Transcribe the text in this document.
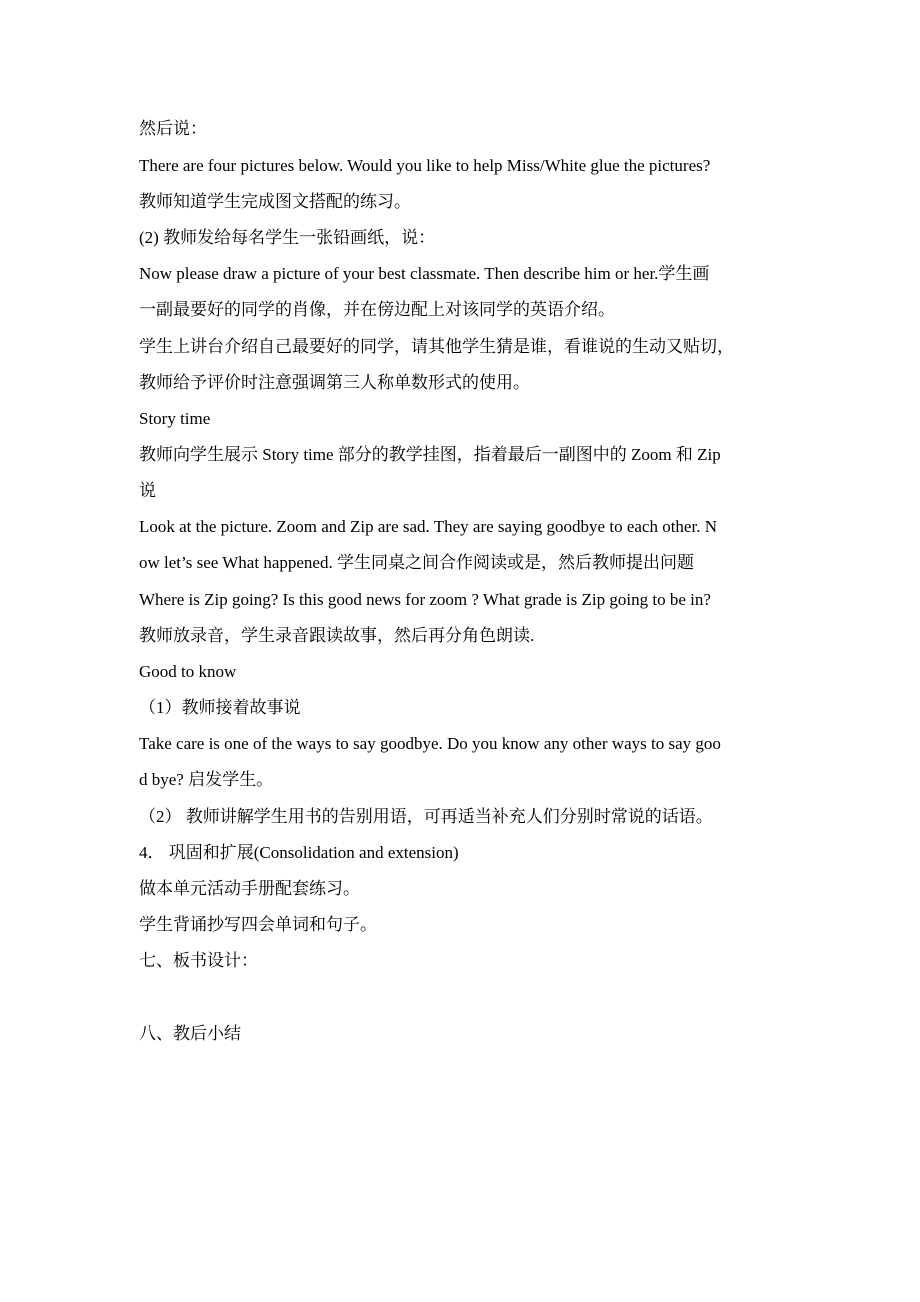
然后说：
There are four pictures below. Would you like to help Miss/White glue the pictures?
教师知道学生完成图文搭配的练习。
(2) 教师发给每名学生一张铅画纸，说：
Now please draw a picture of your best classmate. Then describe him or her.学生画
一副最要好的同学的肖像，并在傍边配上对该同学的英语介绍。
学生上讲台介绍自己最要好的同学，请其他学生猜是谁，看谁说的生动又贴切，
教师给予评价时注意强调第三人称单数形式的使用。
Story time
教师向学生展示 Story time 部分的教学挂图，指着最后一副图中的 Zoom 和 Zip
说
Look at the picture. Zoom and Zip are sad. They are saying goodbye to each other. N
ow let’s see What happened. 学生同桌之间合作阅读或是，然后教师提出问题
Where is Zip going? Is this good news for zoom ? What grade is Zip going to be in?
教师放录音，学生录音跟读故事，然后再分角色朗读.
Good to know
（1）教师接着故事说
Take care is one of the ways to say goodbye. Do you know any other ways to say goo
d bye? 启发学生。
（2） 教师讲解学生用书的告别用语，可再适当补充人们分别时常说的话语。
4． 巩固和扩展(Consolidation and extension)
做本单元活动手册配套练习。
学生背诵抄写四会单词和句子。
七、板书设计：
八、教后小结
